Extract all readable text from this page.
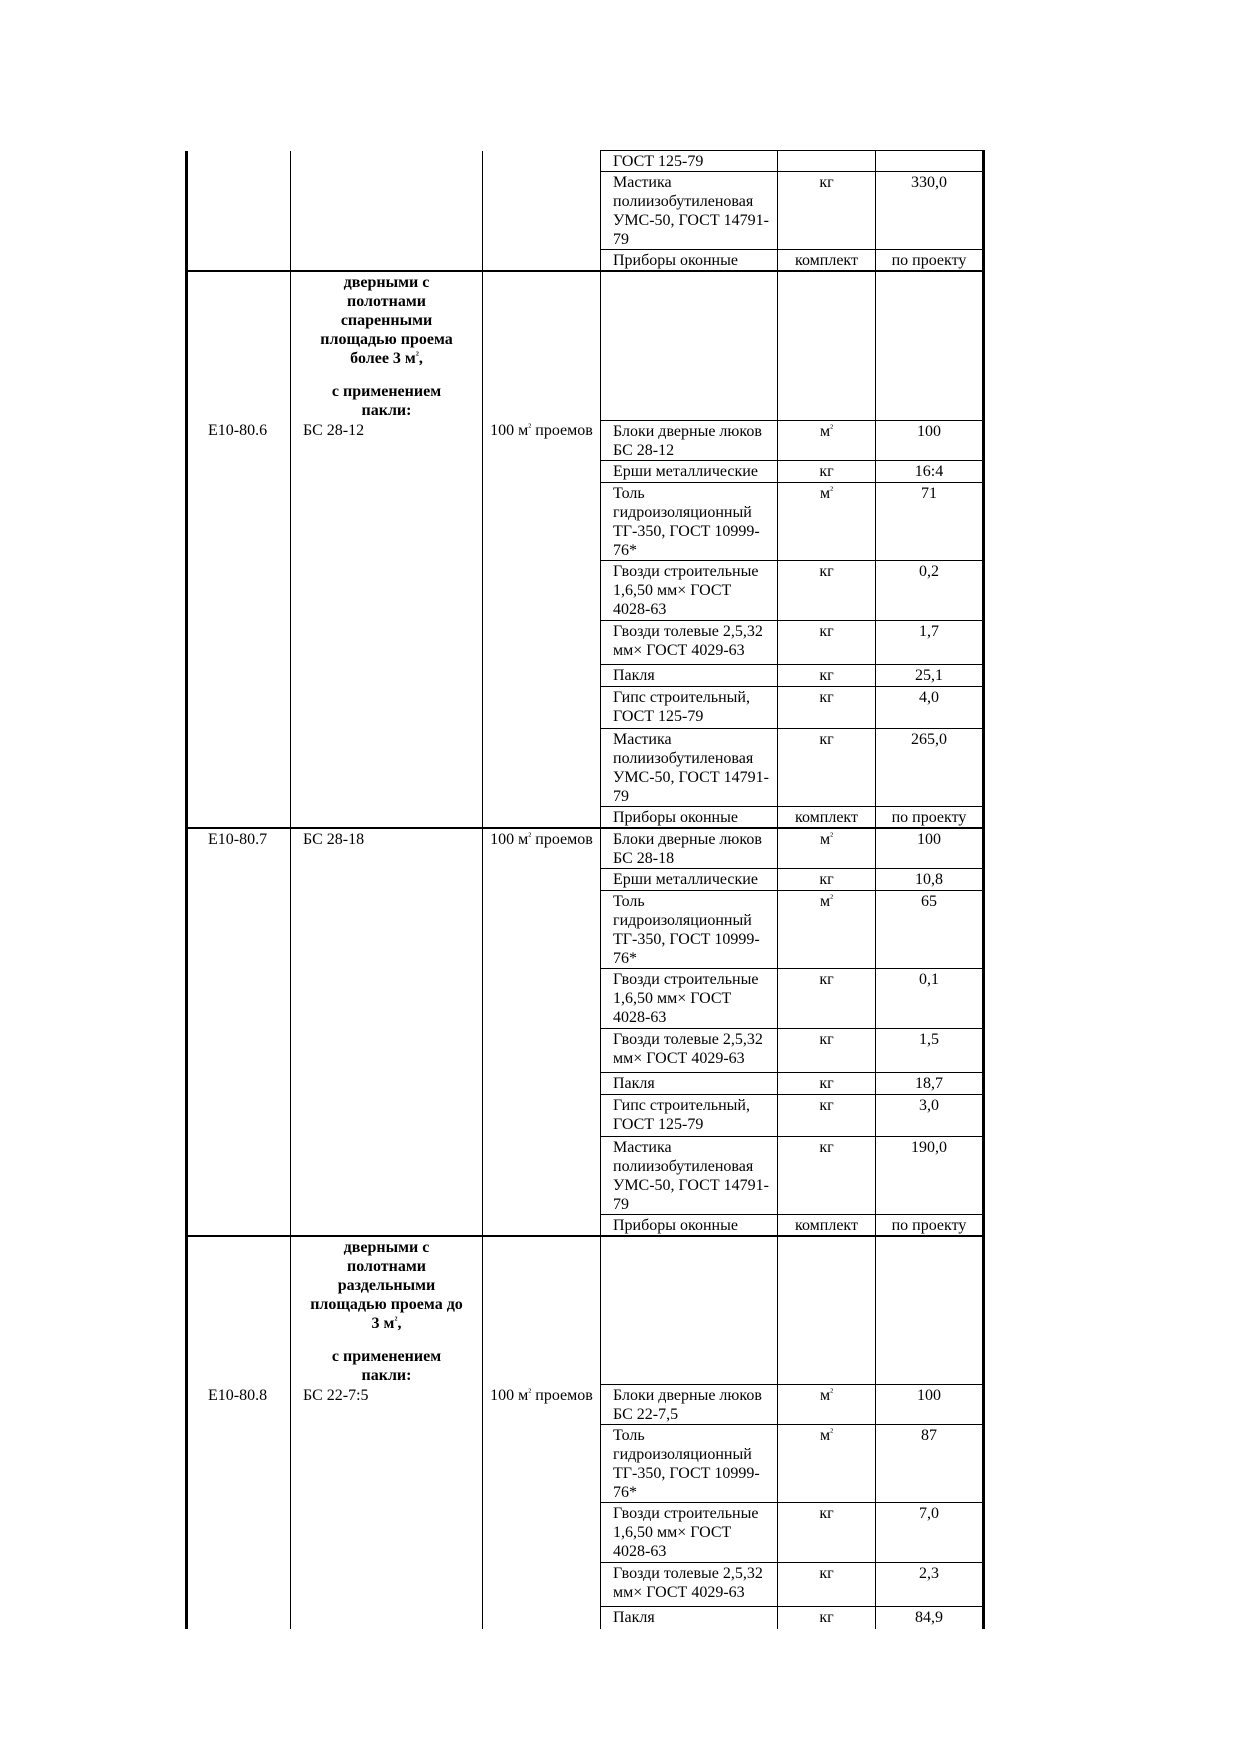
			ГОСТ 125-79		
			Мастика полиизобутиленовая УМС-50, ГОСТ 14791-79	кг	330,0
			Приборы оконные	комплект	по проекту
	дверными с полотнами спаренными площадью проема более 3 $м^{^2}$,
с применением пакли:				

Е10-80.6	БС 28-12	100 $м^{^2}$ проемов	Блоки дверные люков БС 28-12	$м^{^2}$	100
			Ерши металлические	кг	16:4
			Толь гидроизоляционный ТГ-350, ГОСТ 10999-76*	$м^{^2}$	71
			Гвозди строительные 1,6,50 мм× ГОСТ 4028-63	кг	0,2
			Гвозди толевые 2,5,32 мм× ГОСТ 4029-63	кг	1,7
			Пакля	кг	25,1
			Гипс строительный, ГОСТ 125-79	кг	4,0
			Мастика полиизобутиленовая УМС-50, ГОСТ 14791-79	кг	265,0
			Приборы оконные	комплект	по проекту
Е10-80.7	БС 28-18	100 $м^{^2}$ проемов	Блоки дверные люков БС 28-18	$м^{^2}$	100
			Ерши металлические	кг	10,8
			Толь гидроизоляционный ТГ-350, ГОСТ 10999-76*	$м^{^2}$	65
			Гвозди строительные 1,6,50 мм× ГОСТ 4028-63	кг	0,1
			Гвозди толевые 2,5,32 мм× ГОСТ 4029-63	кг	1,5
			Пакля	кг	18,7
			Гипс строительный, ГОСТ 125-79	кг	3,0
			Мастика полиизобутиленовая УМС-50, ГОСТ 14791-79	кг	190,0
			Приборы оконные	комплект	по проекту
	дверными с полотнами раздельными площадью проема до 3 $м^{^2}$,
с применением пакли:				

Е10-80.8	БС 22-7:5	100 $м^{^2}$ проемов	Блоки дверные люков БС 22-7,5	$м^{^2}$	100
			Толь гидроизоляционный ТГ-350, ГОСТ 10999-76*	$м^{^2}$	87
			Гвозди строительные 1,6,50 мм× ГОСТ 4028-63	кг	7,0
			Гвозди толевые 2,5,32 мм× ГОСТ 4029-63	кг	2,3
			Пакля	кг	84,9
